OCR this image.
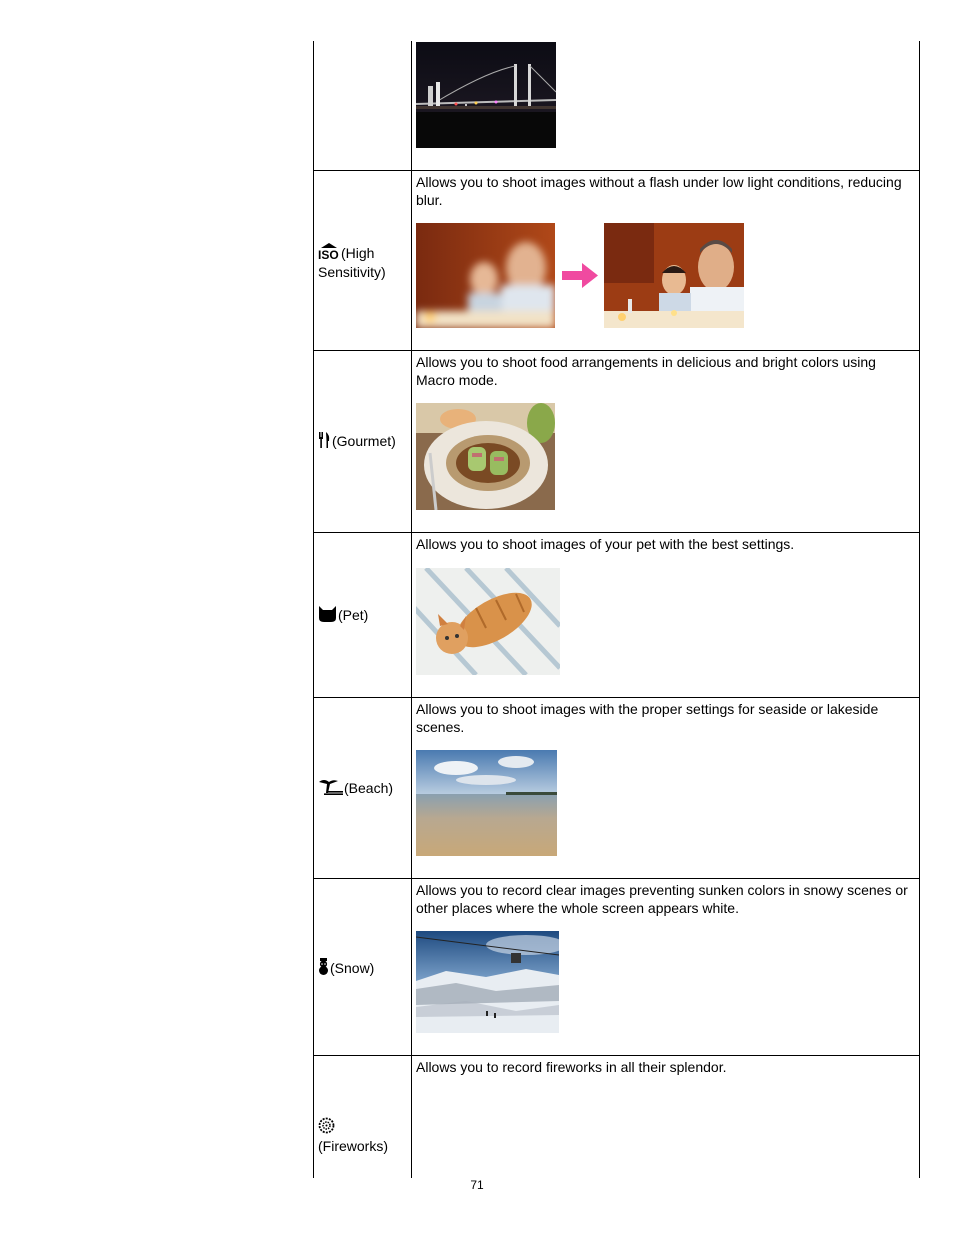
ISO (High
Sensitivity)
Allows you to shoot images without a flash under low light conditions, reducing blur.
(Gourmet)
Allows you to shoot food arrangements in delicious and bright colors using Macro mode.
(Pet)
Allows you to shoot images of your pet with the best settings.
(Beach)
Allows you to shoot images with the proper settings for seaside or lakeside scenes.
(Snow)
Allows you to record clear images preventing sunken colors in snowy scenes or other places where the whole screen appears white.

(Fireworks)
Allows you to record fireworks in all their splendor.
71
